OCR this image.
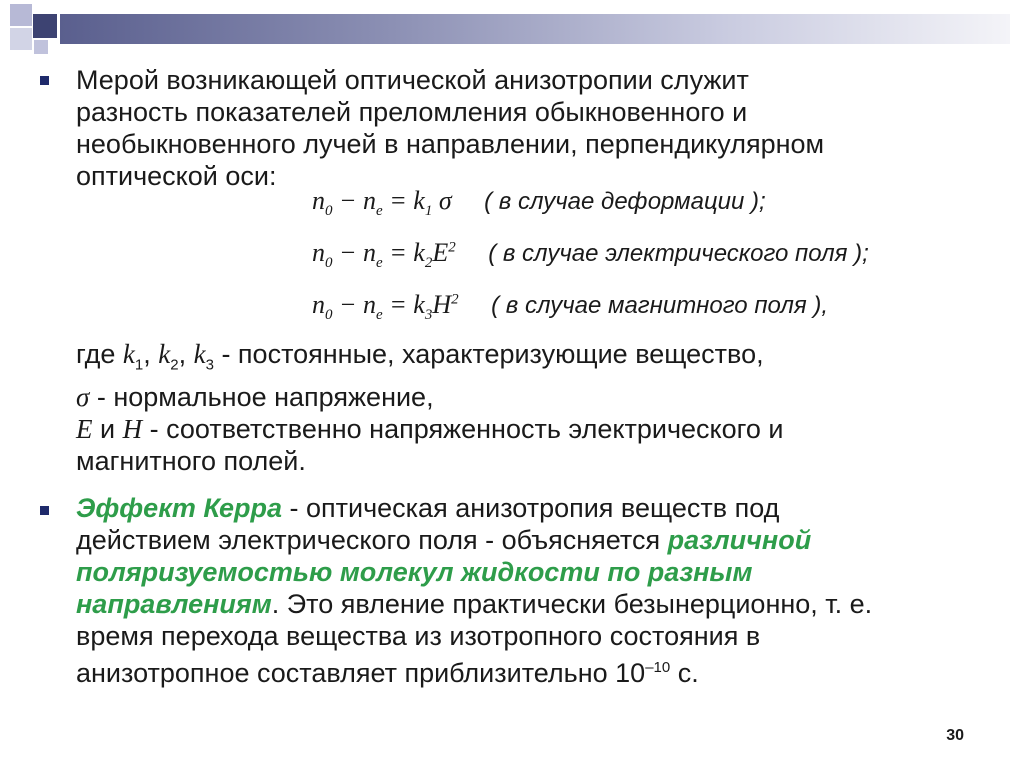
Мерой возникающей оптической анизотропии служит
разность показателей преломления обыкновенного и
необыкновенного лучей в направлении, перпендикулярном
оптической оси:
$n_0 - n_e = k_1$ σ ( в случае деформации );
$n_0 - n_e = k_2E^2$ ( в случае электрического поля );
$n_0 - n_e = k_3H^2$ ( в случае магнитного поля ),
где $k_1$, $k_2$, $k_3$ - постоянные, характеризующие вещество,
σ - нормальное напряжение,
E и H - соответственно напряженность электрического и
магнитного полей.
Эффект Керра - оптическая анизотропия веществ под
действием электрического поля - объясняется различной
поляризуемостью молекул жидкости по разным
направлениям. Это явление практически безынерционно, т. е.
время перехода вещества из изотропного состояния в
анизотропное составляет приблизительно $10^{-10}$ с.
30
